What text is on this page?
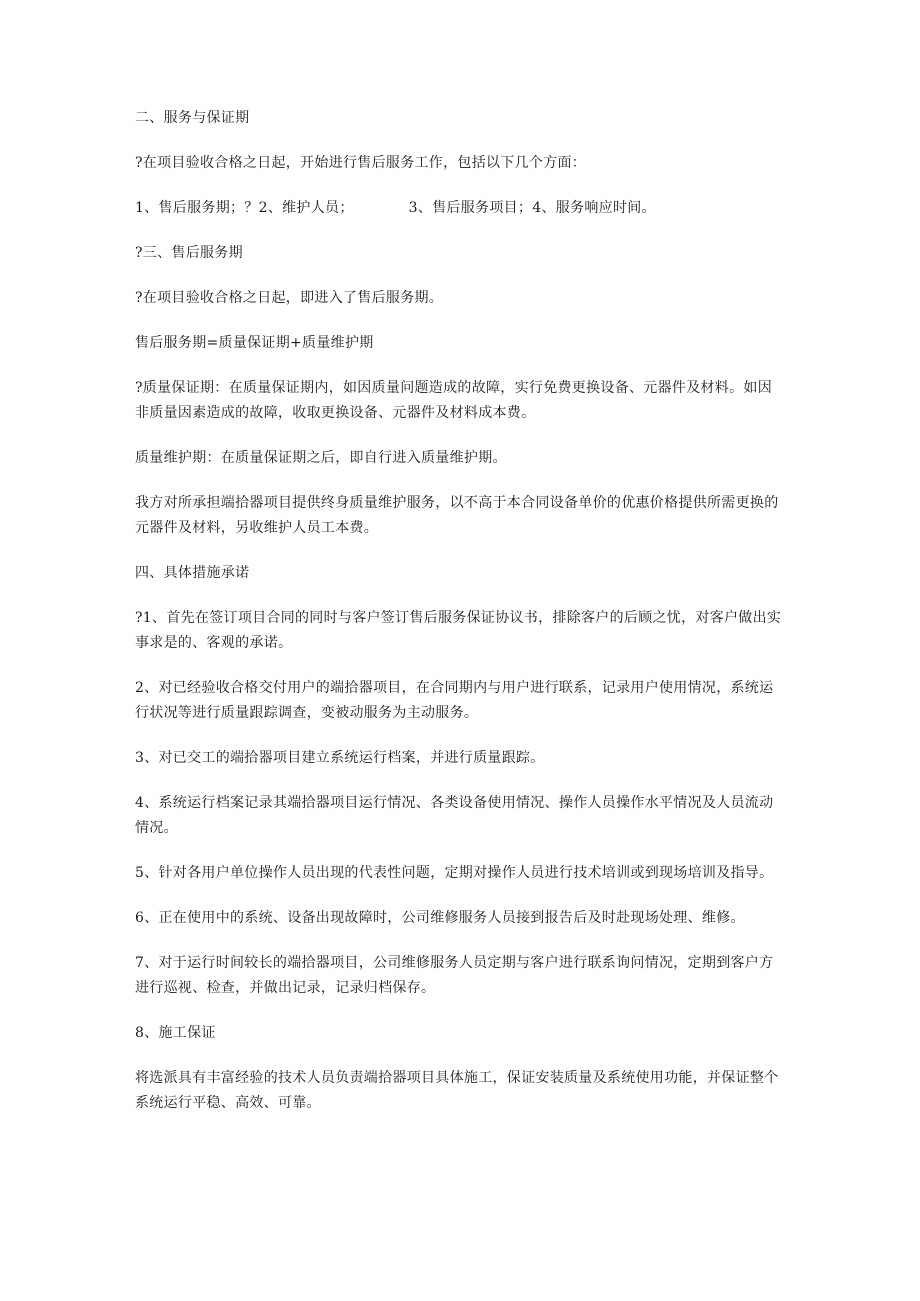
二、服务与保证期

?在项目验收合格之日起，开始进行售后服务工作，包括以下几个方面：

1、售后服务期；？2、维护人员；	3、售后服务项目；4、服务响应时间。

?三、售后服务期

?在项目验收合格之日起，即进入了售后服务期。

售后服务期=质量保证期+质量维护期

?质量保证期：在质量保证期内，如因质量问题造成的故障，实行免费更换设备、元器件及材料。如因非质量因素造成的故障，收取更换设备、元器件及材料成本费。

质量维护期：在质量保证期之后，即自行进入质量维护期。

我方对所承担端拾器项目提供终身质量维护服务，以不高于本合同设备单价的优惠价格提供所需更换的元器件及材料，另收维护人员工本费。

四、具体措施承诺

?1、首先在签订项目合同的同时与客户签订售后服务保证协议书，排除客户的后顾之忧，对客户做出实事求是的、客观的承诺。

2、对已经验收合格交付用户的端拾器项目，在合同期内与用户进行联系，记录用户使用情况，系统运行状况等进行质量跟踪调查，变被动服务为主动服务。

3、对已交工的端拾器项目建立系统运行档案，并进行质量跟踪。

4、系统运行档案记录其端拾器项目运行情况、各类设备使用情况、操作人员操作水平情况及人员流动情况。

5、针对各用户单位操作人员出现的代表性问题，定期对操作人员进行技术培训或到现场培训及指导。

6、正在使用中的系统、设备出现故障时，公司维修服务人员接到报告后及时赴现场处理、维修。

7、对于运行时间较长的端拾器项目，公司维修服务人员定期与客户进行联系询问情况，定期到客户方进行巡视、检查，并做出记录，记录归档保存。

8、施工保证

将选派具有丰富经验的技术人员负责端拾器项目具体施工，保证安装质量及系统使用功能，并保证整个系统运行平稳、高效、可靠。
